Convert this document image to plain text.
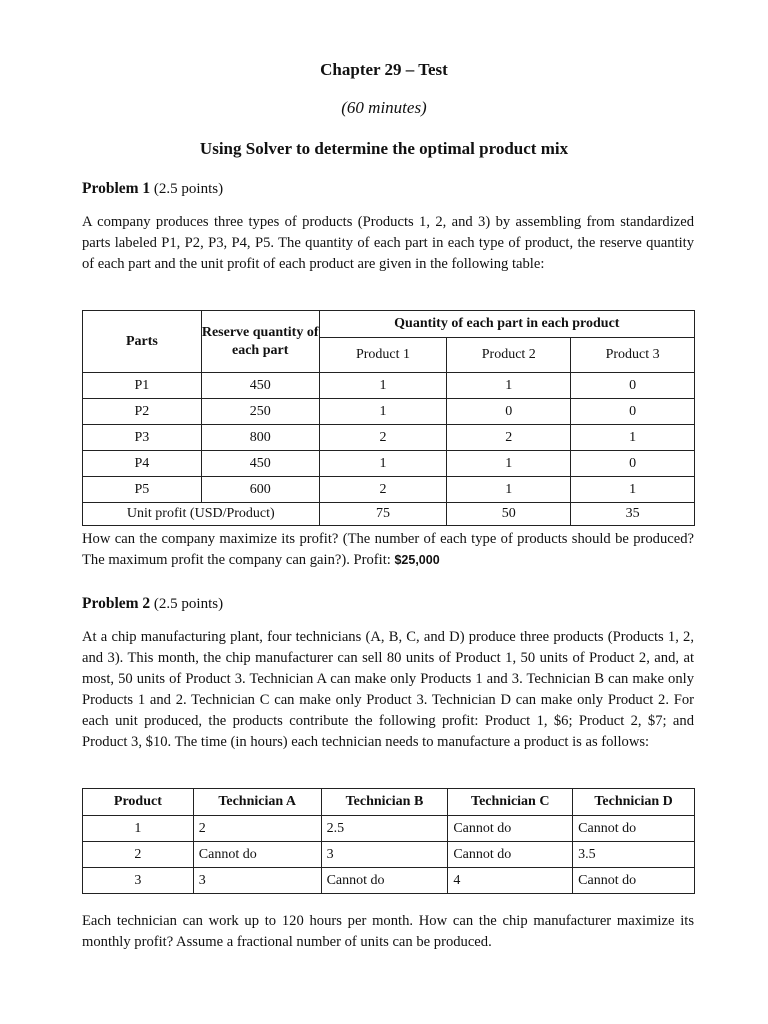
Chapter 29 – Test
(60 minutes)
Using Solver to determine the optimal product mix
Problem 1 (2.5 points)
A company produces three types of products (Products 1, 2, and 3) by assembling from standardized parts labeled P1, P2, P3, P4, P5. The quantity of each part in each type of product, the reserve quantity of each part and the unit profit of each product are given in the following table:
Parts	Reserve quantity of each part	Quantity of each part in each product		
		Product 1	Product 2	Product 3
P1	450	1	1	0
P2	250	1	0	0
P3	800	2	2	1
P4	450	1	1	0
P5	600	2	1	1
Unit profit (USD/Product)		75	50	35
How can the company maximize its profit? (The number of each type of products should be produced? The maximum profit the company can gain?). Profit: $25,000
Problem 2 (2.5 points)
At a chip manufacturing plant, four technicians (A, B, C, and D) produce three products (Products 1, 2, and 3). This month, the chip manufacturer can sell 80 units of Product 1, 50 units of Product 2, and, at most, 50 units of Product 3. Technician A can make only Products 1 and 3. Technician B can make only Products 1 and 2. Technician C can make only Product 3. Technician D can make only Product 2. For each unit produced, the products contribute the following profit: Product 1, $6; Product 2, $7; and Product 3, $10. The time (in hours) each technician needs to manufacture a product is as follows:
Product	Technician A	Technician B	Technician C	Technician D
1	2	2.5	Cannot do	Cannot do
2	Cannot do	3	Cannot do	3.5
3	3	Cannot do	4	Cannot do
Each technician can work up to 120 hours per month. How can the chip manufacturer maximize its monthly profit? Assume a fractional number of units can be produced.
